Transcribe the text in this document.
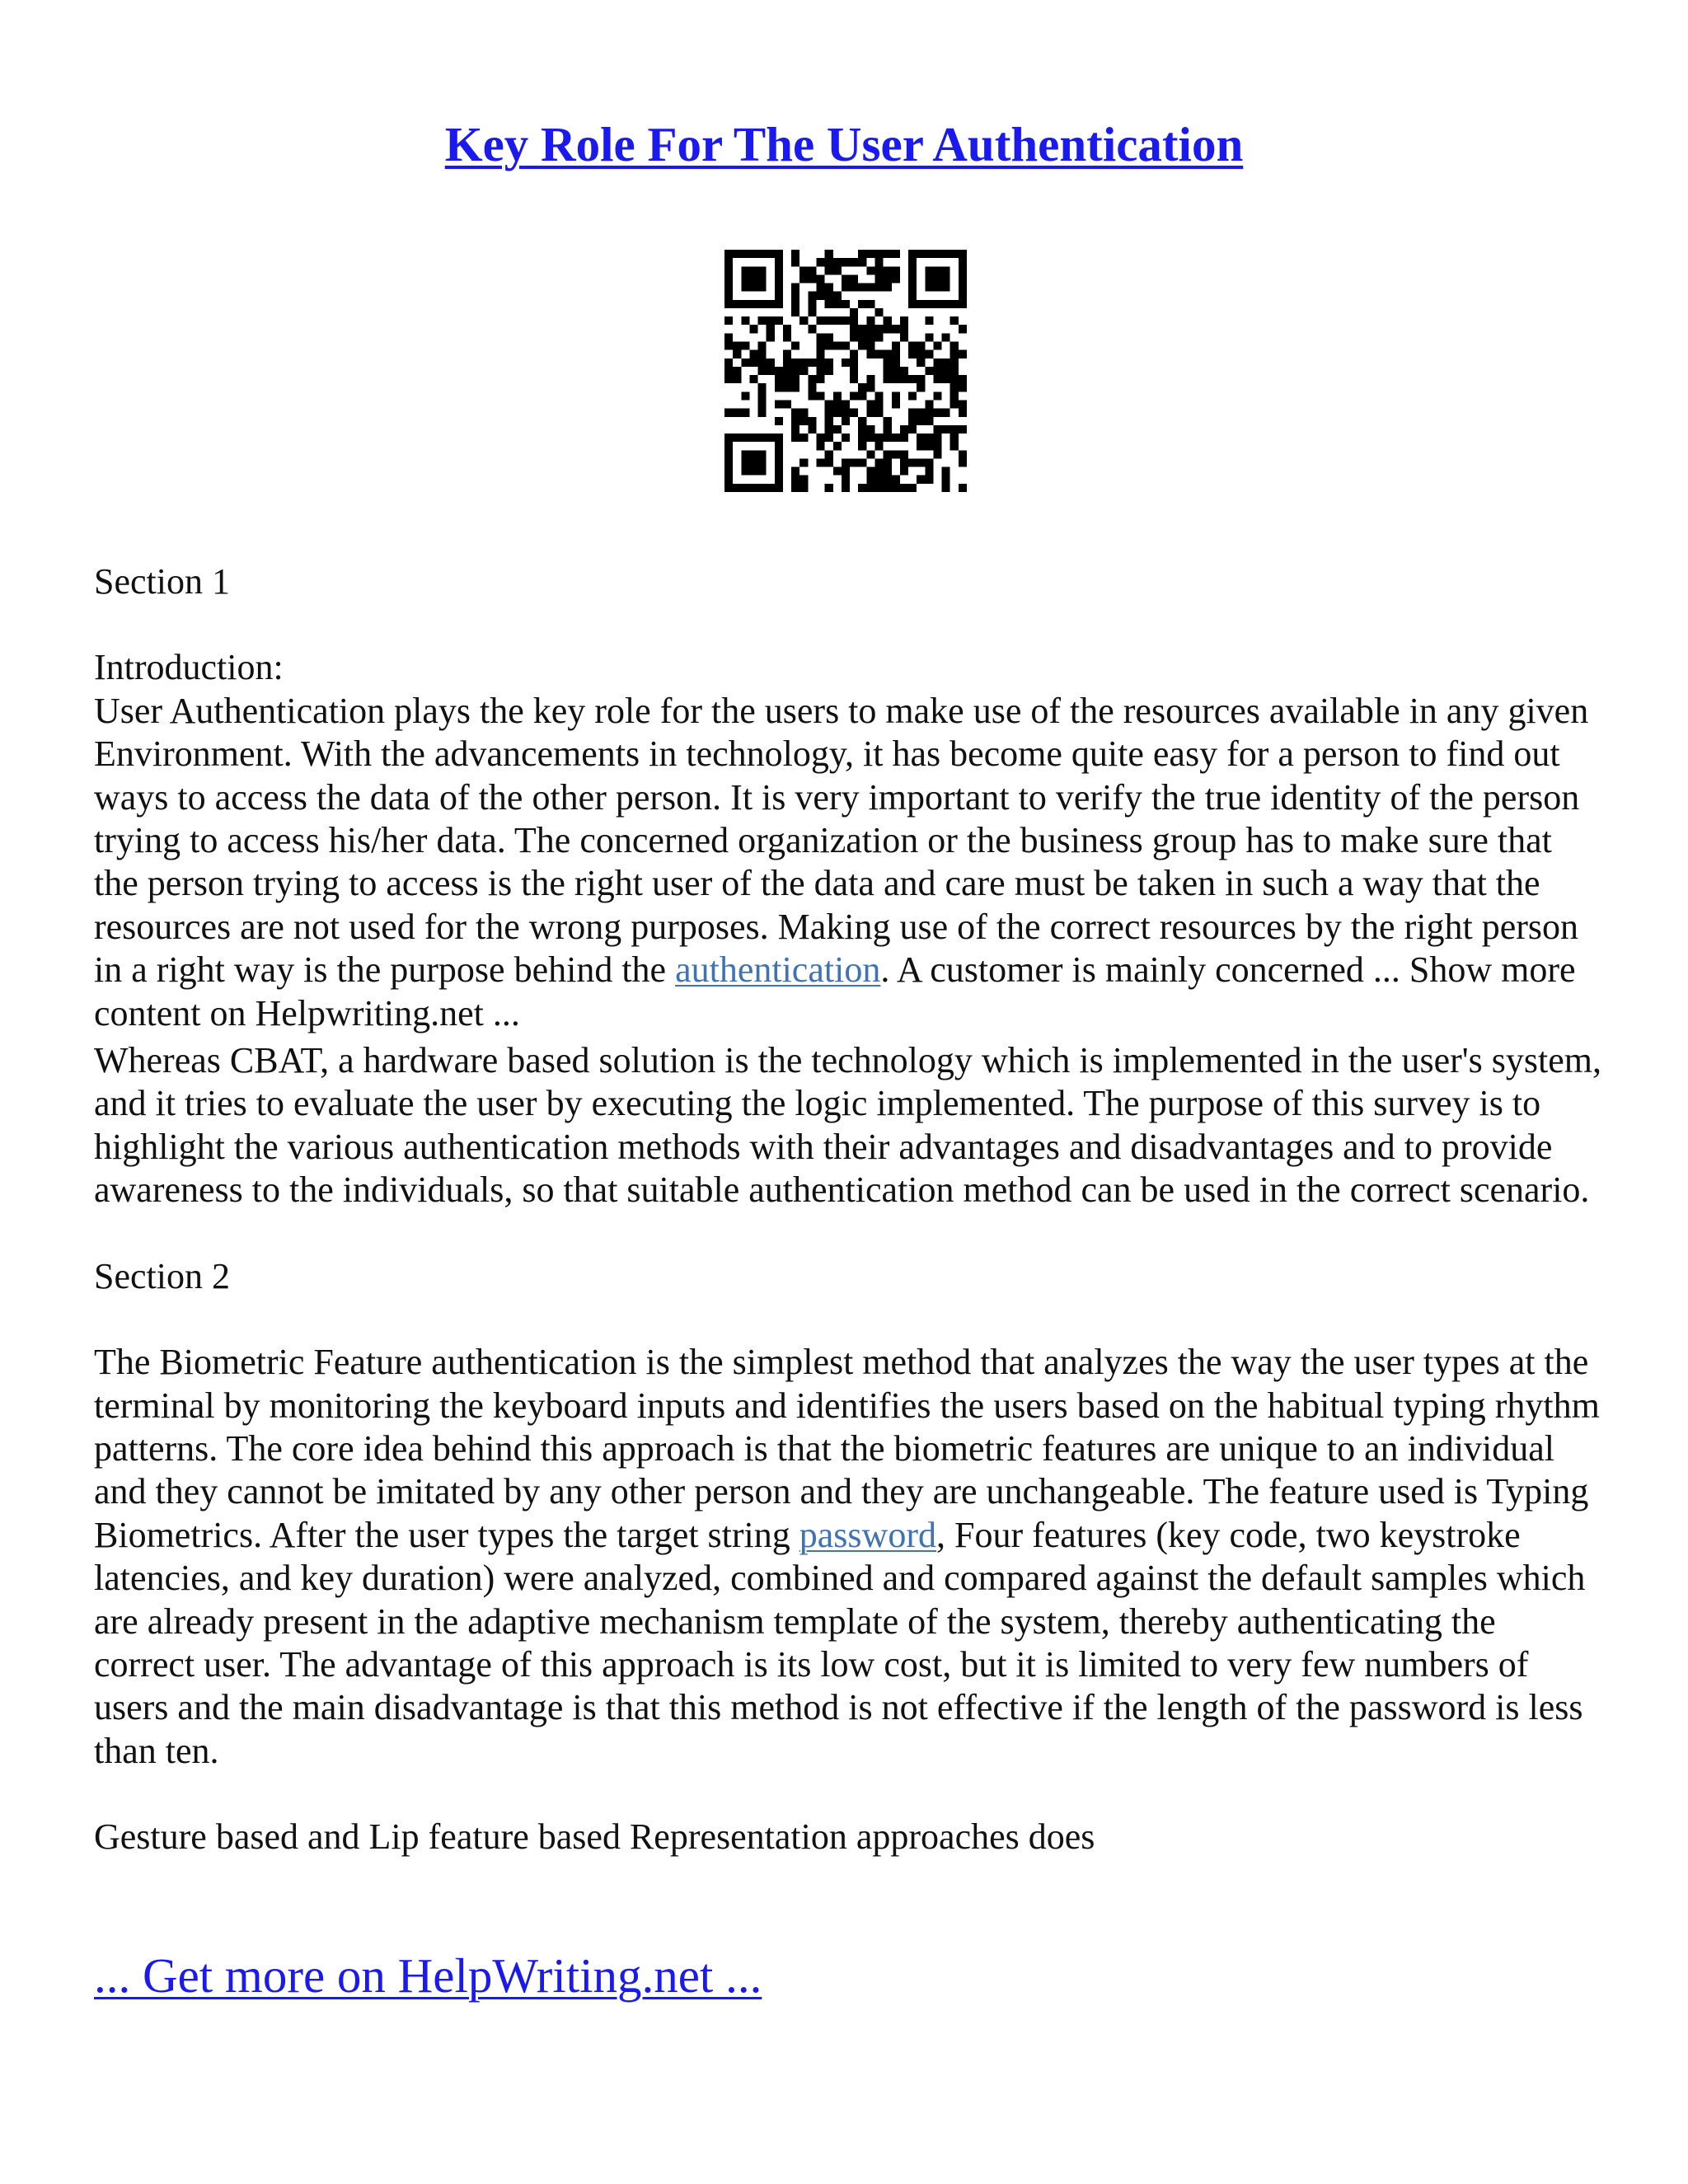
Key Role For The User Authentication

Section 1

Introduction:

User Authentication plays the key role for the users to make use of the resources available in any given Environment. With the advancements in technology, it has become quite easy for a person to find out ways to access the data of the other person. It is very important to verify the true identity of the person trying to access his/her data. The concerned organization or the business group has to make sure that the person trying to access is the right user of the data and care must be taken in such a way that the resources are not used for the wrong purposes. Making use of the correct resources by the right person in a right way is the purpose behind the authentication. A customer is mainly concerned ... Show more content on Helpwriting.net ...

Whereas CBAT, a hardware based solution is the technology which is implemented in the user's system, and it tries to evaluate the user by executing the logic implemented. The purpose of this survey is to highlight the various authentication methods with their advantages and disadvantages and to provide awareness to the individuals, so that suitable authentication method can be used in the correct scenario.

Section 2

The Biometric Feature authentication is the simplest method that analyzes the way the user types at the terminal by monitoring the keyboard inputs and identifies the users based on the habitual typing rhythm patterns. The core idea behind this approach is that the biometric features are unique to an individual and they cannot be imitated by any other person and they are unchangeable. The feature used is Typing Biometrics. After the user types the target string password, Four features (key code, two keystroke latencies, and key duration) were analyzed, combined and compared against the default samples which are already present in the adaptive mechanism template of the system, thereby authenticating the correct user. The advantage of this approach is its low cost, but it is limited to very few numbers of users and the main disadvantage is that this method is not effective if the length of the password is less than ten.

Gesture based and Lip feature based Representation approaches does

... Get more on HelpWriting.net ...
